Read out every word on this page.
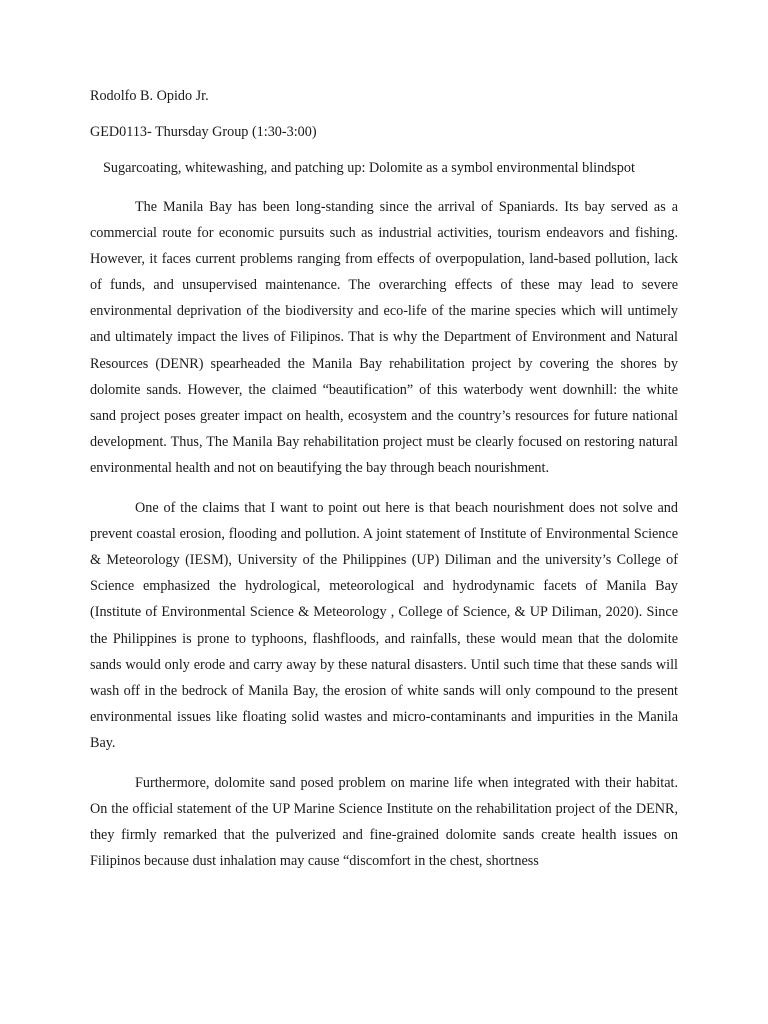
Rodolfo B. Opido Jr.

GED0113- Thursday Group (1:30-3:00)

Sugarcoating, whitewashing, and patching up: Dolomite as a symbol environmental blindspot

The Manila Bay has been long-standing since the arrival of Spaniards. Its bay served as a commercial route for economic pursuits such as industrial activities, tourism endeavors and fishing. However, it faces current problems ranging from effects of overpopulation, land-based pollution, lack of funds, and unsupervised maintenance. The overarching effects of these may lead to severe environmental deprivation of the biodiversity and eco-life of the marine species which will untimely and ultimately impact the lives of Filipinos. That is why the Department of Environment and Natural Resources (DENR) spearheaded the Manila Bay rehabilitation project by covering the shores by dolomite sands. However, the claimed “beautification” of this waterbody went downhill: the white sand project poses greater impact on health, ecosystem and the country’s resources for future national development. Thus, The Manila Bay rehabilitation project must be clearly focused on restoring natural environmental health and not on beautifying the bay through beach nourishment.

One of the claims that I want to point out here is that beach nourishment does not solve and prevent coastal erosion, flooding and pollution. A joint statement of Institute of Environmental Science & Meteorology (IESM), University of the Philippines (UP) Diliman and the university’s College of Science emphasized the hydrological, meteorological and hydrodynamic facets of Manila Bay (Institute of Environmental Science & Meteorology , College of Science, & UP Diliman, 2020). Since the Philippines is prone to typhoons, flashfloods, and rainfalls, these would mean that the dolomite sands would only erode and carry away by these natural disasters. Until such time that these sands will wash off in the bedrock of Manila Bay, the erosion of white sands will only compound to the present environmental issues like floating solid wastes and micro-contaminants and impurities in the Manila Bay.

Furthermore, dolomite sand posed problem on marine life when integrated with their habitat. On the official statement of the UP Marine Science Institute on the rehabilitation project of the DENR, they firmly remarked that the pulverized and fine-grained dolomite sands create health issues on Filipinos because dust inhalation may cause “discomfort in the chest, shortness
